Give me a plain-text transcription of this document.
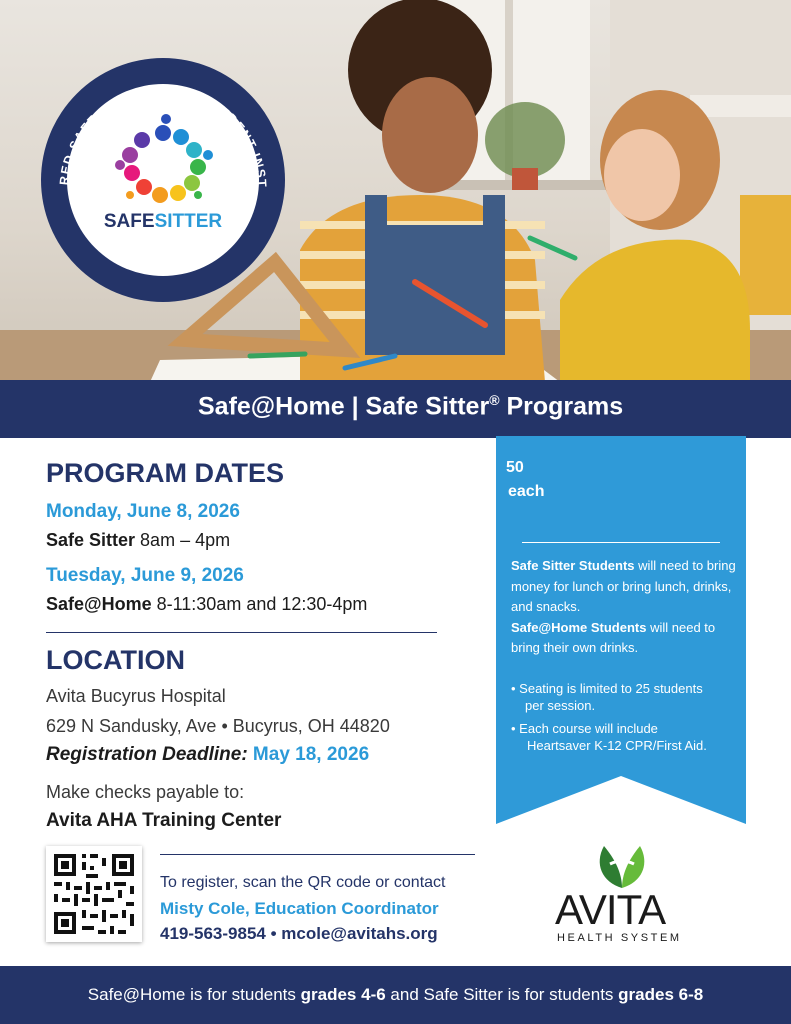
RED SAFE SITTER® INDEPENDENT INST
SAFESITTER
safesitter.org
Safe@Home | Safe Sitter® Programs
50
each
Safe Sitter Students will need to bring money for lunch or bring lunch, drinks, and snacks.
Safe@Home Students will need to bring their own drinks.
• Seating is limited to 25 students
per session.
• Each course will include
Heartsaver K-12 CPR/First Aid.
PROGRAM DATES
Monday, June 8, 2026
Safe Sitter 8am – 4pm
Tuesday, June 9, 2026
Safe@Home 8-11:30am and 12:30-4pm
LOCATION
Avita Bucyrus Hospital
629 N Sandusky, Ave • Bucyrus, OH 44820
Registration Deadline: May 18, 2026
Make checks payable to:
Avita AHA Training Center
To register, scan the QR code or contact
Misty Cole, Education Coordinator
419-563-9854 • mcole@avitahs.org
AVITA
HEALTH SYSTEM
Safe@Home is for students grades 4-6 and Safe Sitter is for students grades 6-8
